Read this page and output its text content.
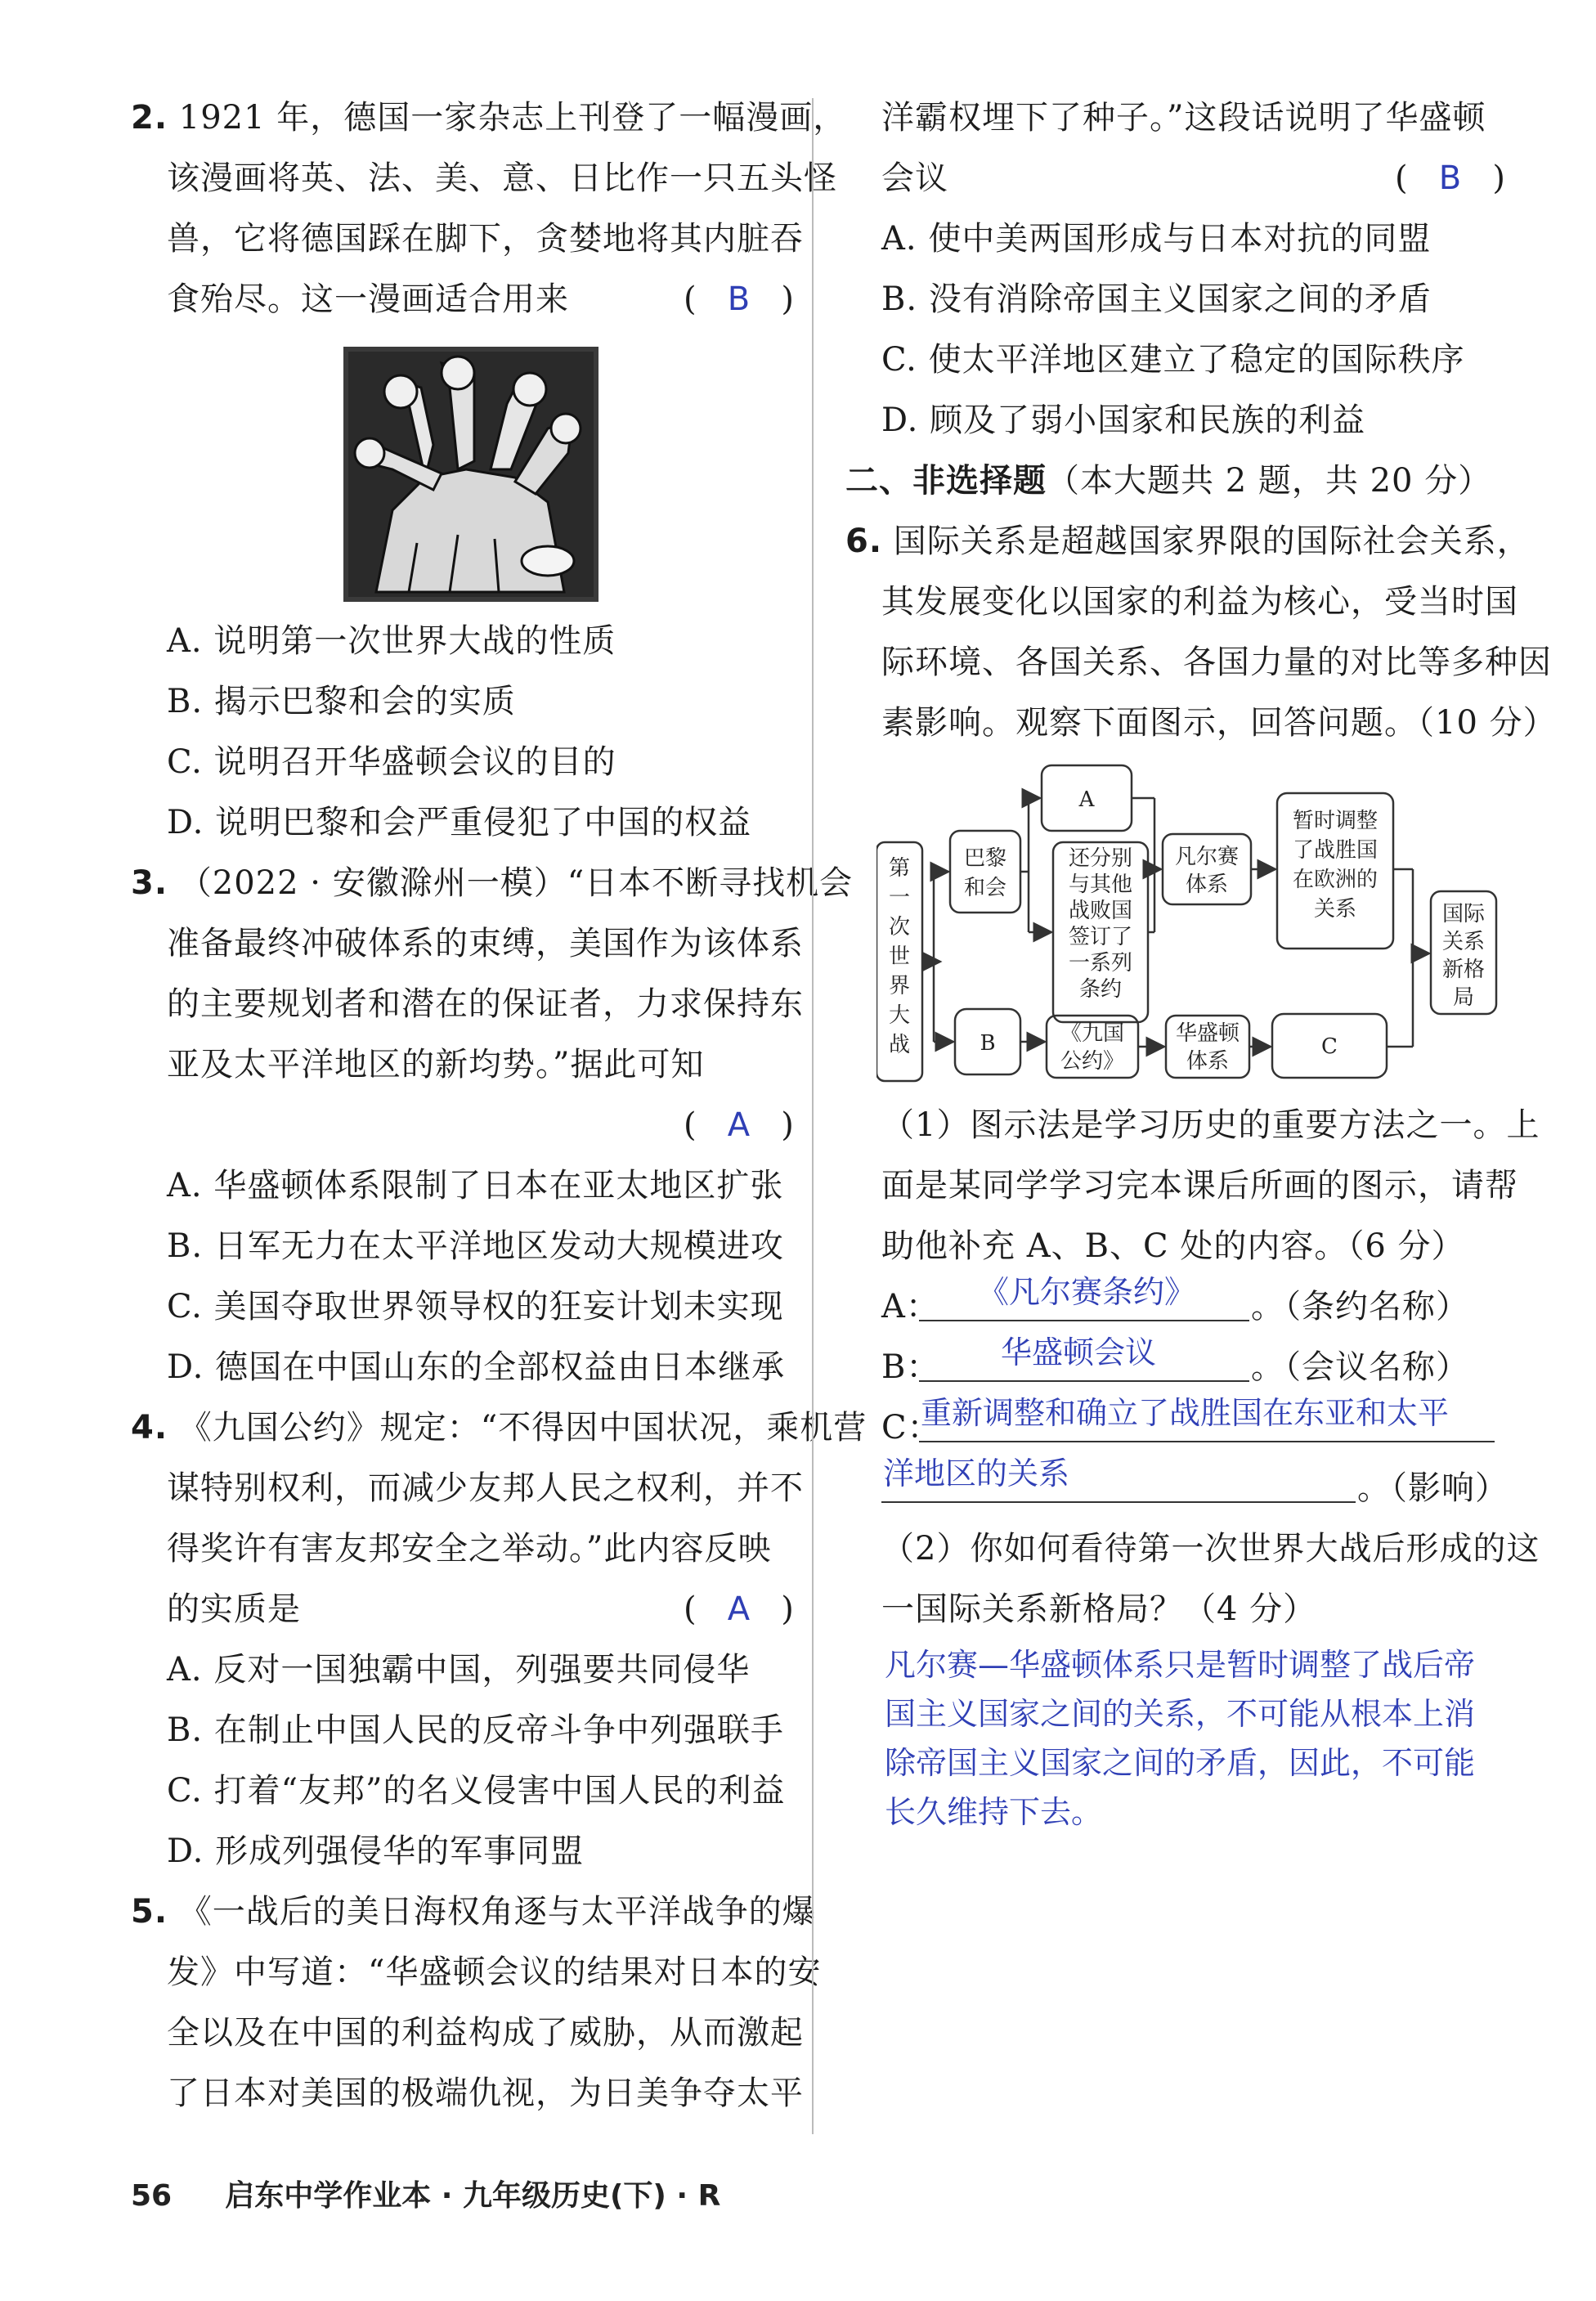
2. 1921 年，德国一家杂志上刊登了一幅漫画，
该漫画将英、法、美、意、日比作一只五头怪
兽，它将德国踩在脚下，贪婪地将其内脏吞
食殆尽。这一漫画适合用来	(   B   )
A. 说明第一次世界大战的性质
B. 揭示巴黎和会的实质
C. 说明召开华盛顿会议的目的
D. 说明巴黎和会严重侵犯了中国的权益
3. （2022 · 安徽滁州一模）“日本不断寻找机会
准备最终冲破体系的束缚，美国作为该体系
的主要规划者和潜在的保证者，力求保持东
亚及太平洋地区的新均势。”据此可知
(   A   )
A. 华盛顿体系限制了日本在亚太地区扩张
B. 日军无力在太平洋地区发动大规模进攻
C. 美国夺取世界领导权的狂妄计划未实现
D. 德国在中国山东的全部权益由日本继承
4. 《九国公约》规定：“不得因中国状况，乘机营
谋特别权利，而减少友邦人民之权利，并不
得奖许有害友邦安全之举动。”此内容反映
的实质是	(   A   )
A. 反对一国独霸中国，列强要共同侵华
B. 在制止中国人民的反帝斗争中列强联手
C. 打着“友邦”的名义侵害中国人民的利益
D. 形成列强侵华的军事同盟
5. 《一战后的美日海权角逐与太平洋战争的爆
发》中写道：“华盛顿会议的结果对日本的安
全以及在中国的利益构成了威胁，从而激起
了日本对美国的极端仇视，为日美争夺太平
洋霸权埋下了种子。”这段话说明了华盛顿
会议	(   B   )
A. 使中美两国形成与日本对抗的同盟
B. 没有消除帝国主义国家之间的矛盾
C. 使太平洋地区建立了稳定的国际秩序
D. 顾及了弱小国家和民族的利益
二、非选择题（本大题共 2 题，共 20 分）
6. 国际关系是超越国家界限的国际社会关系，
其发展变化以国家的利益为核心，受当时国
际环境、各国关系、各国力量的对比等多种因
素影响。观察下面图示，回答问题。（10 分）
第
一
次
世
界
大
战
巴黎
和会
A
还分别
与其他
战败国
签订了
一系列
条约
凡尔赛
体系
暂时调整
了战胜国
在欧洲的
关系	国际
关系
新格
局
B	《九国
公约》
华盛顿
体系
C
（1）图示法是学习历史的重要方法之一。上
面是某同学学习完本课后所画的图示，请帮
助他补充 A、B、C 处的内容。（6 分）
A： 《凡尔赛条约》 。（条约名称）
B： 华盛顿会议	。（会议名称）
C：
重新调整和确立了战胜国在东亚和太平
洋地区的关系	。（影响）
（2）你如何看待第一次世界大战后形成的这
一国际关系新格局？（4 分）
凡尔赛—华盛顿体系只是暂时调整了战后帝
国主义国家之间的关系，不可能从根本上消
除帝国主义国家之间的矛盾，因此，不可能
长久维持下去。
56 启东中学作业本 · 九年级历史(下) · R
